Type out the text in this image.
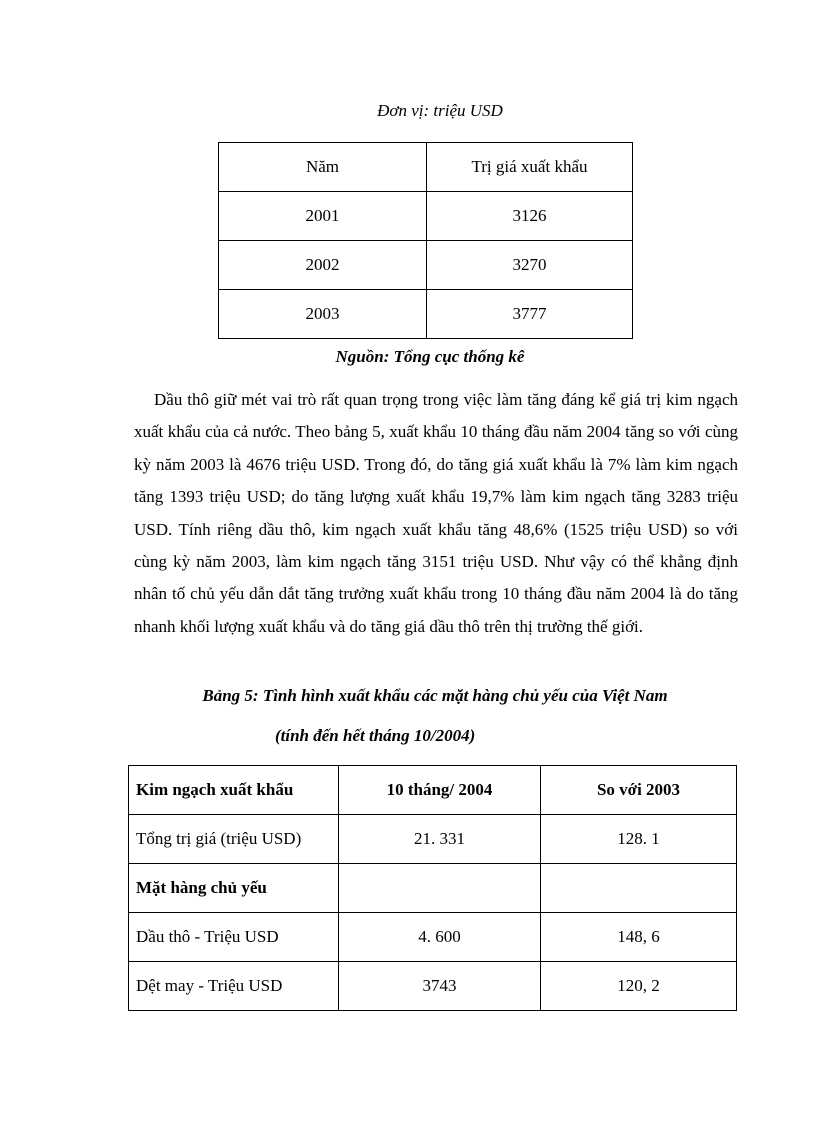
Đơn vị: triệu USD
Năm	Trị giá xuất khẩu
2001	3126
2002	3270
2003	3777
Nguồn: Tổng cục thống kê

Dầu thô giữ mét vai trò rất quan trọng trong việc làm tăng đáng kể giá trị kim ngạch xuất khẩu của cả nước. Theo bảng 5, xuất khẩu 10 tháng đầu năm 2004 tăng so với cùng kỳ năm 2003 là 4676 triệu USD. Trong đó, do tăng giá xuất khẩu là 7% làm kim ngạch tăng 1393 triệu USD; do tăng lượng xuất khẩu 19,7% làm kim ngạch tăng 3283 triệu USD. Tính riêng dầu thô, kim ngạch xuất khẩu tăng 48,6% (1525 triệu USD) so với cùng kỳ năm 2003, làm kim ngạch tăng 3151 triệu USD. Như vậy có thể khẳng định nhân tố chủ yếu dẫn dắt tăng trưởng xuất khẩu trong 10 tháng đầu năm 2004 là do tăng nhanh khối lượng xuất khẩu và do tăng giá dầu thô trên thị trường thế giới.

Bảng 5: Tình hình xuất khẩu các mặt hàng chủ yếu của Việt Nam
(tính đến hết tháng 10/2004)
Kim ngạch xuất khẩu	10 tháng/ 2004	So với 2003
Tổng trị giá (triệu USD)	21. 331	128. 1
Mặt hàng chủ yếu		
Dầu thô - Triệu USD	4. 600	148, 6
Dệt may - Triệu USD	3743	120, 2
